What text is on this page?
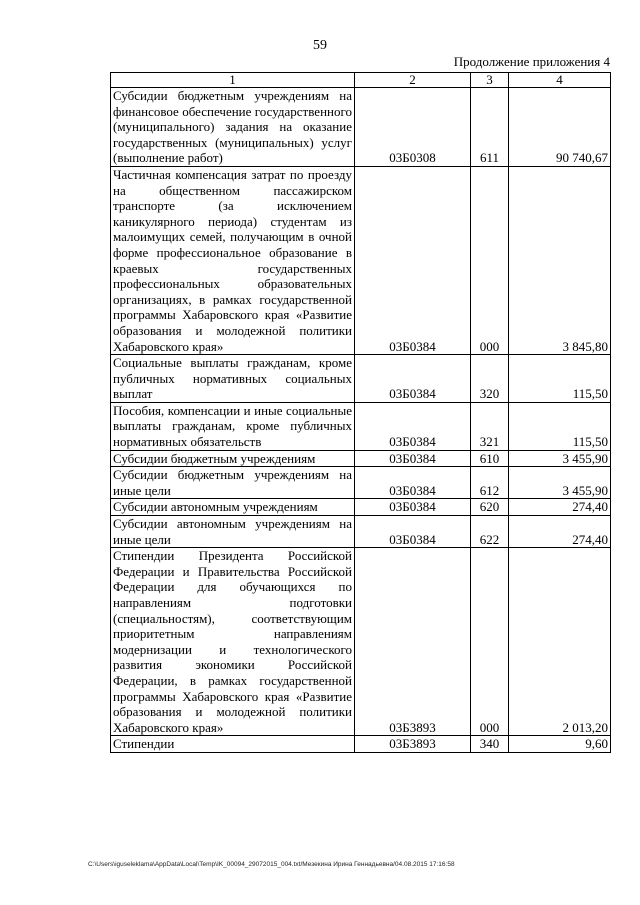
59
Продолжение приложения 4
1	2	3	4
Субсидии бюджетным учреждениям на финансовое обеспечение государственного (муниципального) задания на оказание государственных (муниципальных) услуг (выполнение работ)	03Б0308	611	90 740,67
Частичная компенсация затрат по проезду на общественном пассажирском транспорте (за исключением каникулярного периода) студентам из малоимущих семей, получающим в очной форме профессиональное образование в краевых государственных профессиональных образовательных организациях, в рамках государственной программы Хабаровского края «Развитие образования и молодежной политики Хабаровского края»	03Б0384	000	3 845,80
Социальные выплаты гражданам, кроме публичных нормативных социальных выплат	03Б0384	320	115,50
Пособия, компенсации и иные социальные выплаты гражданам, кроме публичных нормативных обязательств	03Б0384	321	115,50
Субсидии бюджетным учреждениям	03Б0384	610	3 455,90
Субсидии бюджетным учреждениям на иные цели	03Б0384	612	3 455,90
Субсидии автономным учреждениям	03Б0384	620	274,40
Субсидии автономным учреждениям на иные цели	03Б0384	622	274,40
Стипендии Президента Российской Федерации и Правительства Российской Федерации для обучающихся по направлениям подготовки (специальностям), соответствующим приоритетным направлениям модернизации и технологического развития экономики Российской Федерации, в рамках государственной программы Хабаровского края «Развитие образования и молодежной политики Хабаровского края»	03Б3893	000	2 013,20
Стипендии	03Б3893	340	9,60
C:\Users\iguseleklama\AppData\Local\Temp\IK_00094_29072015_004.txt/Мезекина Ирина Геннадьевна/04.08.2015 17:16:58
